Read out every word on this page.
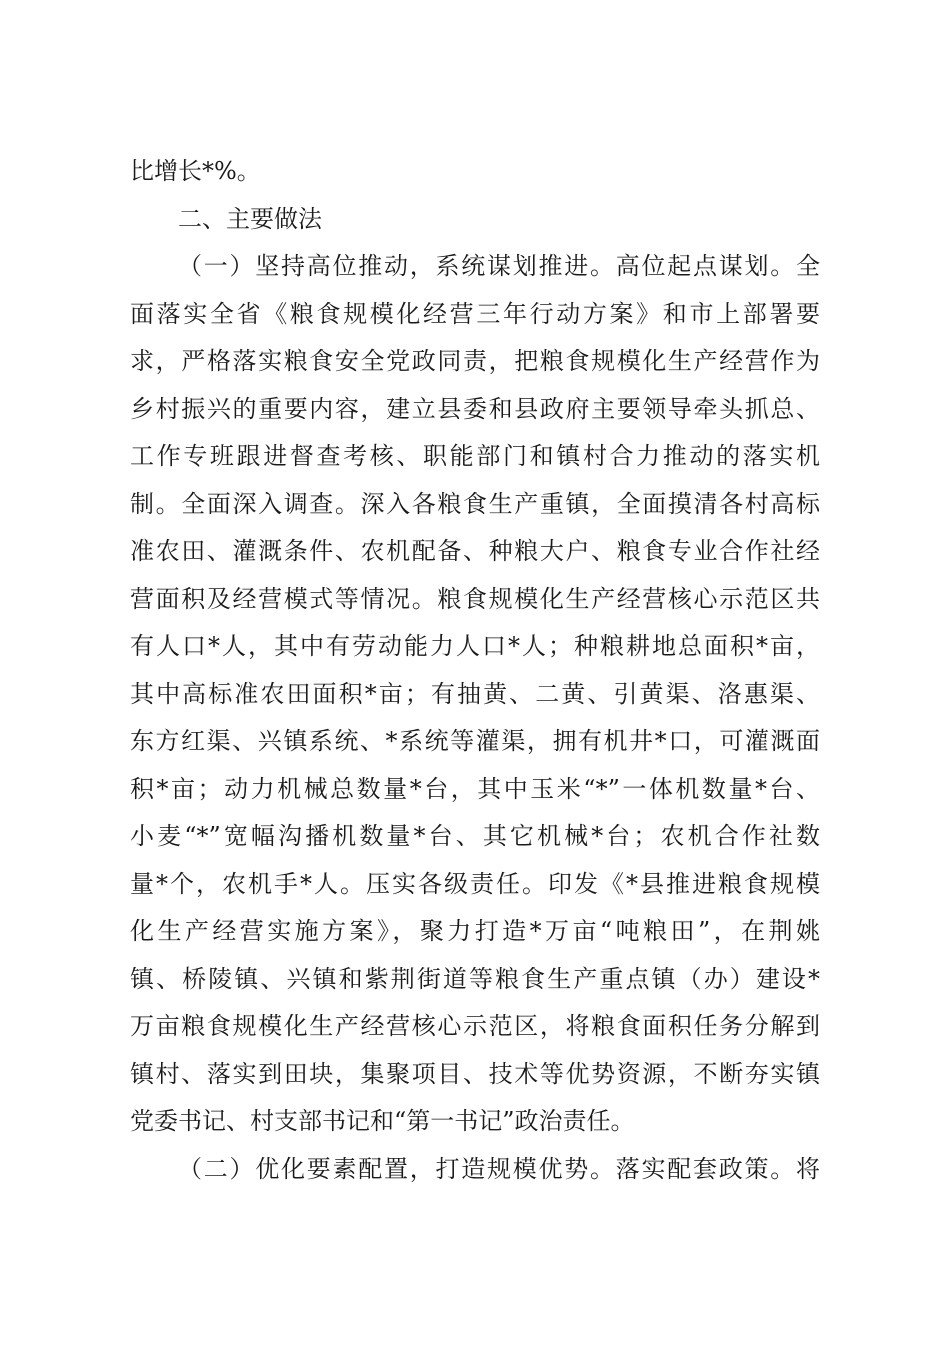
比增长*%。
二、主要做法
（一）坚持高位推动，系统谋划推进。高位起点谋划。全
面落实全省《粮食规模化经营三年行动方案》和市上部署要
求，严格落实粮食安全党政同责，把粮食规模化生产经营作为
乡村振兴的重要内容，建立县委和县政府主要领导牵头抓总、
工作专班跟进督查考核、职能部门和镇村合力推动的落实机
制。全面深入调查。深入各粮食生产重镇，全面摸清各村高标
准农田、灌溉条件、农机配备、种粮大户、粮食专业合作社经
营面积及经营模式等情况。粮食规模化生产经营核心示范区共
有人口*人，其中有劳动能力人口*人；种粮耕地总面积*亩，
其中高标准农田面积*亩；有抽黄、二黄、引黄渠、洛惠渠、
东方红渠、兴镇系统、*系统等灌渠，拥有机井*口，可灌溉面
积*亩；动力机械总数量*台，其中玉米“*”一体机数量*台、
小麦“*”宽幅沟播机数量*台、其它机械*台；农机合作社数
量*个，农机手*人。压实各级责任。印发《*县推进粮食规模
化生产经营实施方案》，聚力打造*万亩“吨粮田”，在荆姚
镇、桥陵镇、兴镇和紫荆街道等粮食生产重点镇（办）建设*
万亩粮食规模化生产经营核心示范区，将粮食面积任务分解到
镇村、落实到田块，集聚项目、技术等优势资源，不断夯实镇
党委书记、村支部书记和“第一书记”政治责任。
（二）优化要素配置，打造规模优势。落实配套政策。将
